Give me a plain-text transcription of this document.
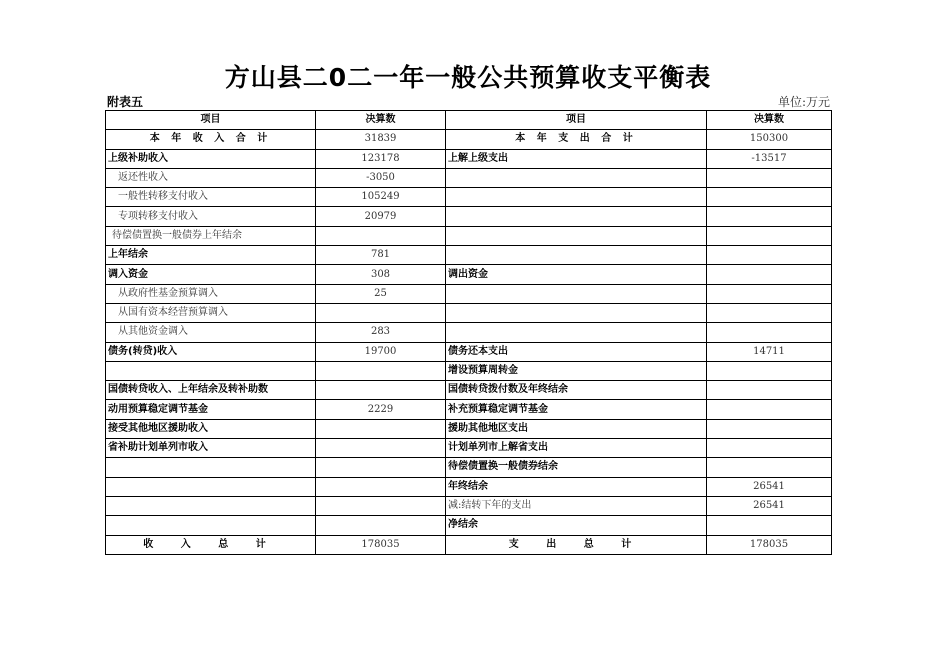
方山县二0二一年一般公共预算收支平衡表
附表五	单位:万元
项目	决算数	项目	决算数
本 年 收 入 合 计	31839	本 年 支 出 合 计	150300
上级补助收入	123178	上解上级支出	-13517
返还性收入	-3050		
一般性转移支付收入	105249		
专项转移支付收入	20979		
待偿债置换一般债券上年结余			
上年结余	781		
调入资金	308	调出资金	
从政府性基金预算调入	25		
从国有资本经营预算调入			
从其他资金调入	283		
债务(转贷)收入	19700	债务还本支出	14711
		增设预算周转金	
国债转贷收入、上年结余及转补助数		国债转贷拨付数及年终结余	
动用预算稳定调节基金	2229	补充预算稳定调节基金	
接受其他地区援助收入		援助其他地区支出	
省补助计划单列市收入		计划单列市上解省支出	
		待偿债置换一般债券结余	
		年终结余	26541
		减:结转下年的支出	26541
		净结余	
收 入 总 计	178035	支 出 总 计	178035
